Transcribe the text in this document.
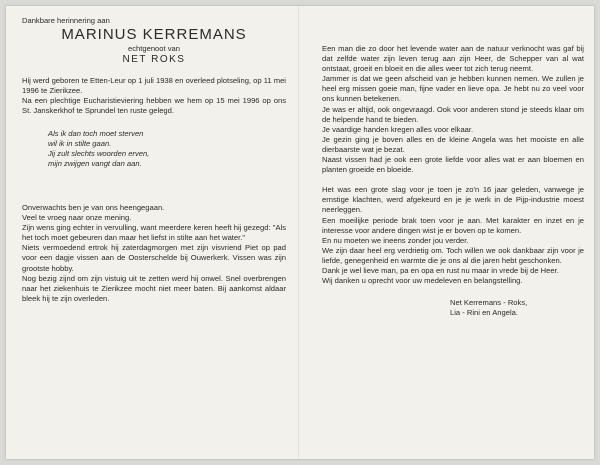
Dankbare herinnering aan

MARINUS KERREMANS

echtgenoot van

NET ROKS

Hij werd geboren te Etten-Leur op 1 juli 1938 en overleed plotseling, op 11 mei 1996 te Zierikzee.

Na een plechtige Eucharistieviering hebben we hem op 15 mei 1996 op ons St. Janskerkhof te Sprundel ten ruste gelegd.

Als ik dan toch moet sterven

wil ik in stilte gaan.

Jij zult slechts woorden erven,

mijn zwijgen vangt dan aan.

Onverwachts ben je van ons heengegaan.

Veel te vroeg naar onze mening.

Zijn wens ging echter in vervulling, want meerdere keren heeft hij gezegd: "Als het toch moet gebeuren dan maar het liefst in stilte aan het water."

Niets vermoedend ertrok hij zaterdagmorgen met zijn visvriend Piet op pad voor een dagje vissen aan de Oosterschelde bij Ouwerkerk. Vissen was zijn grootste hobby.

Nog bezig zijnd om zijn vistuig uit te zetten werd hij onwel. Snel overbrengen naar het ziekenhuis te Zierikzee mocht niet meer baten. Bij aankomst aldaar bleek hij te zijn overleden.

Een man die zo door het levende water aan de natuur verknocht was gaf bij dat zelfde water zijn leven terug aan zijn Heer, de Schepper van al wat ontstaat, groeit en bloeit en die alles weer tot zich terug neemt.

Jammer is dat we geen afscheid van je hebben kunnen nemen. We zullen je heel erg missen goeie man, fijne vader en lieve opa. Je hebt nu zo veel voor ons kunnen betekenen.

Je was er altijd, ook ongevraagd. Ook voor anderen stond je steeds klaar om de helpende hand te bieden.

Je vaardige handen kregen alles voor elkaar.

Je gezin ging je boven alles en de kleine Angela was het mooiste en alle dierbaarste wat je bezat.

Naast vissen had je ook een grote liefde voor alles wat er aan bloemen en planten groeide en bloeide.

Het was een grote slag voor je toen je zo'n 16 jaar geleden, vanwege je ernstige klachten, werd afgekeurd en je je werk in de Pijp-industrie moest neerleggen.

Een moeilijke periode brak toen voor je aan. Met karakter en inzet en je interesse voor andere dingen wist je er boven op te komen.

En nu moeten we ineens zonder jou verder.

We zijn daar heel erg verdrietig om. Toch willen we ook dankbaar zijn voor je liefde, genegenheid en warmte die je ons al die jaren hebt geschonken.

Dank je wel lieve man, pa en opa en rust nu maar in vrede bij de Heer.

Wij danken u oprecht voor uw medeleven en belangstelling.

Net Kerremans - Roks,

Lia - Rini en Angela.
